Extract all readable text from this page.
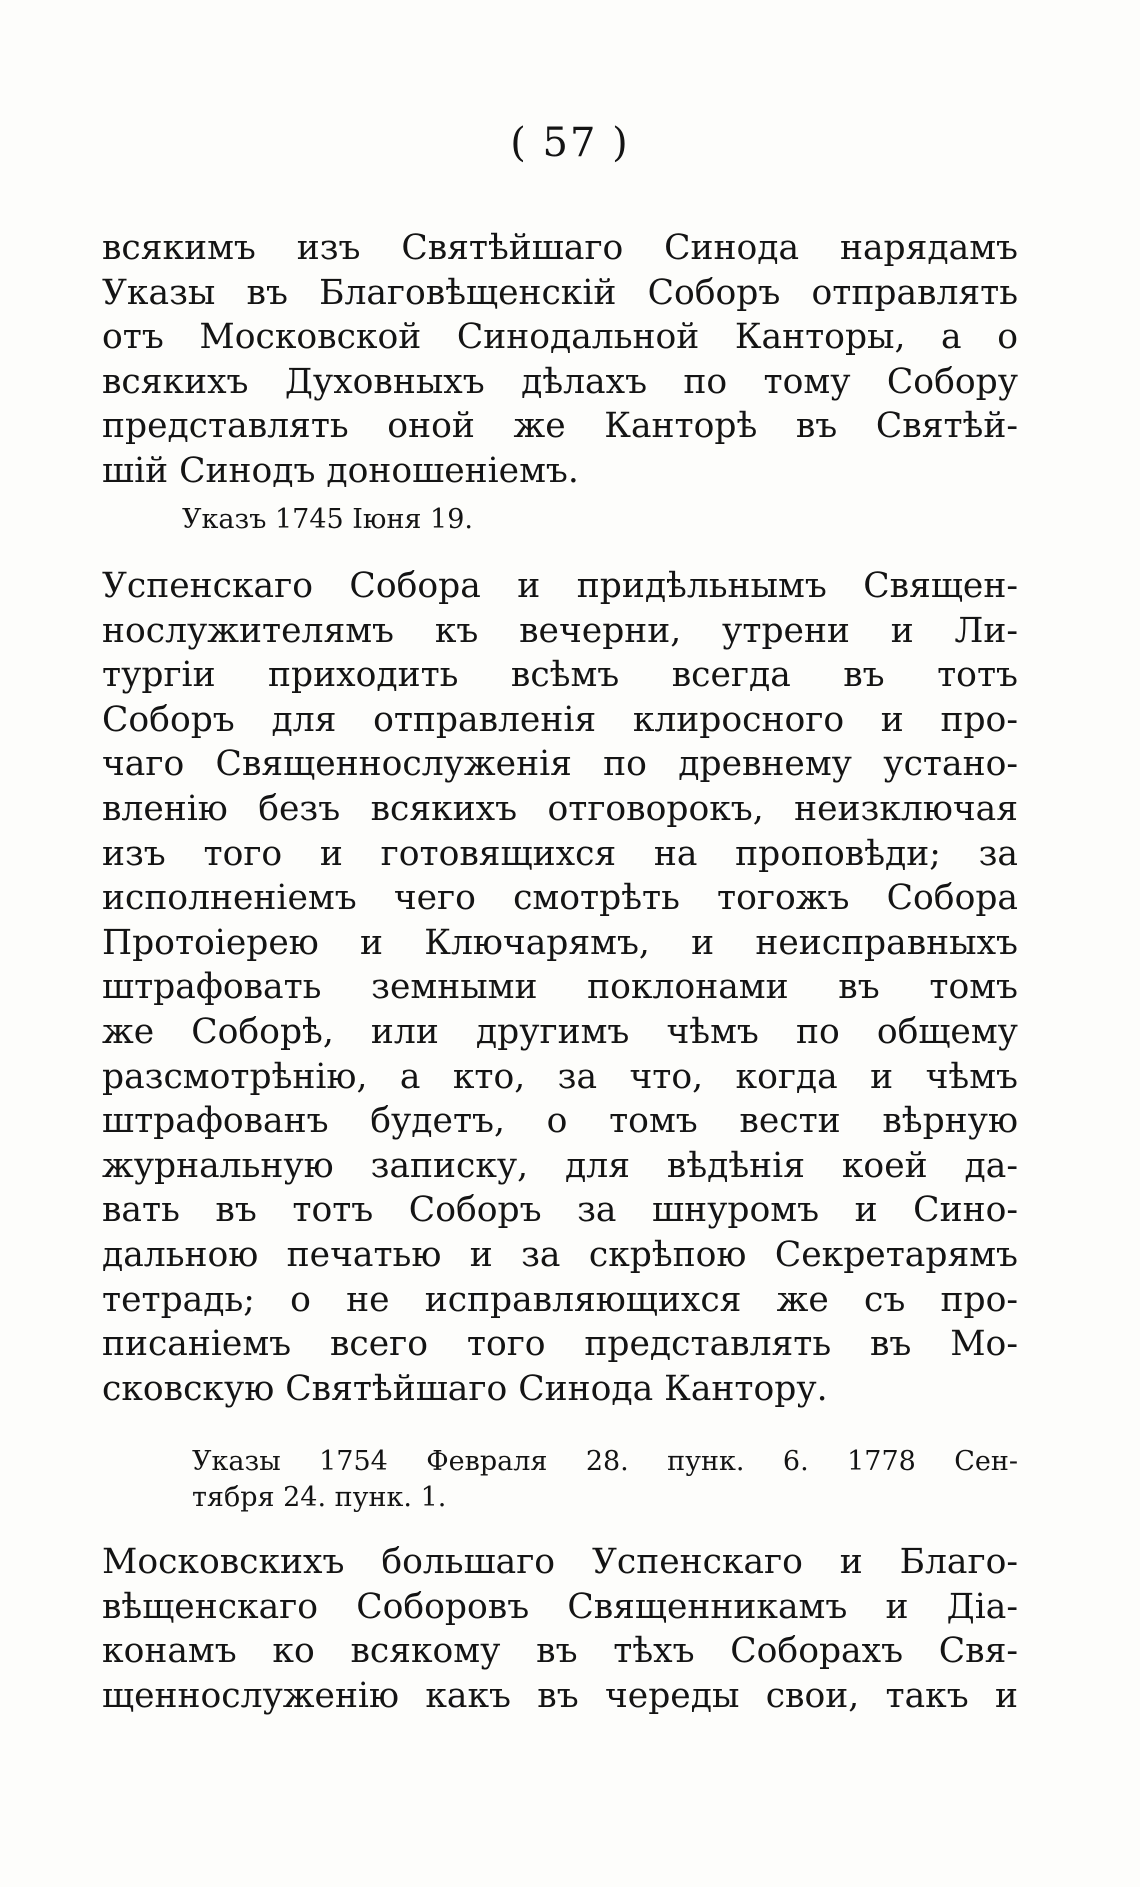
( 57 )
всякимъ изъ Святѣйшаго Синода нарядамъ
Указы въ Благовѣщенскій Соборъ отправлять
отъ Московской Синодальной Канторы, а о
всякихъ Духовныхъ дѣлахъ по тому Собору
представлять оной же Канторѣ въ Святѣй-
шій Синодъ доношеніемъ.
Указъ 1745 Іюня 19.
Успенскаго Собора и придѣльнымъ Священ-
нослужителямъ къ вечерни, утрени и Ли-
тургіи приходить всѣмъ всегда въ тотъ
Соборъ для отправленія клиросного и про-
чаго Священнослуженія по древнему устано-
вленію безъ всякихъ отговорокъ, неизключая
изъ того и готовящихся на проповѣди; за
исполненіемъ чего смотрѣть тогожъ Собора
Протоіерею и Ключарямъ, и неисправныхъ
штрафовать земными поклонами въ томъ
же Соборѣ, или другимъ чѣмъ по общему
разсмотрѣнію, а кто, за что, когда и чѣмъ
штрафованъ будетъ, о томъ вести вѣрную
журнальную записку, для вѣдѣнія коей да-
вать въ тотъ Соборъ за шнуромъ и Сино-
дальною печатью и за скрѣпою Секретарямъ
тетрадь; о не исправляющихся же съ про-
писаніемъ всего того представлять въ Мо-
сковскую Святѣйшаго Синода Кантору.
Указы 1754 Февраля 28. пунк. 6. 1778 Сен-
тября 24. пунк. 1.
Московскихъ большаго Успенскаго и Благо-
вѣщенскаго Соборовъ Священникамъ и Діа-
конамъ ко всякому въ тѣхъ Соборахъ Свя-
щеннослуженію какъ въ череды свои, такъ и
